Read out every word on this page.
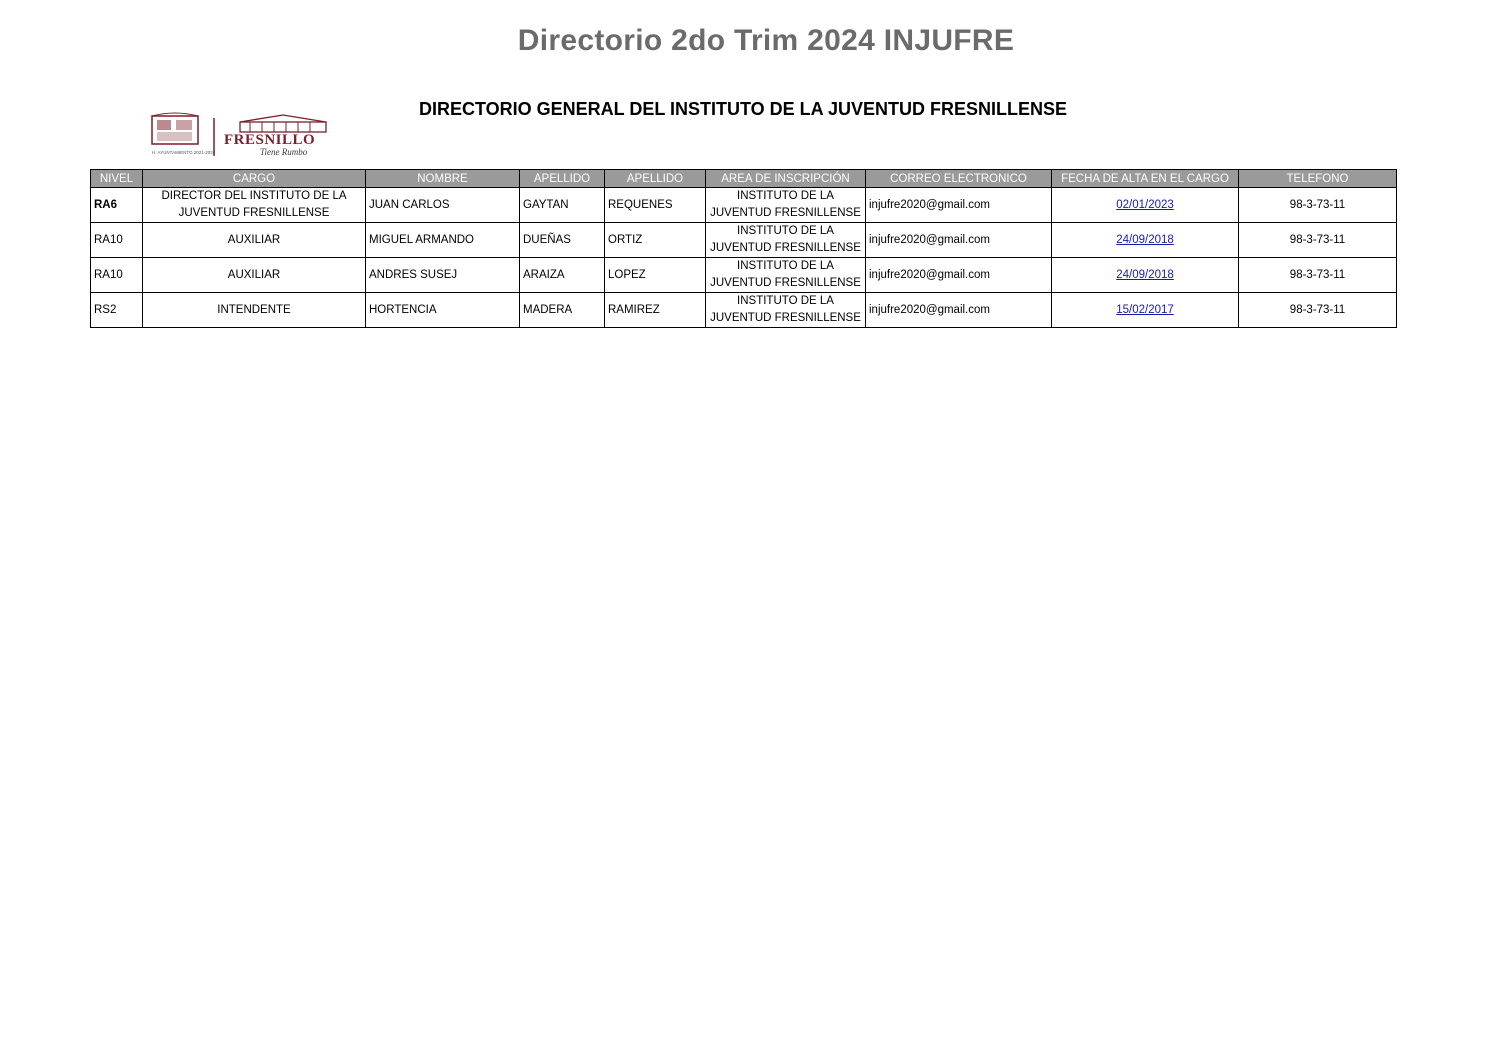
Directorio 2do Trim 2024 INJUFRE
H. AYUNTAMIENTO 2021-2024
FRESNILLO
Tiene Rumbo
DIRECTORIO GENERAL DEL INSTITUTO DE LA JUVENTUD FRESNILLENSE
NIVEL	CARGO	NOMBRE	APELLIDO	APELLIDO	AREA DE INSCRIPCIÓN	CORREO ELECTRONICO	FECHA DE ALTA EN EL CARGO	TELEFONO
RA6	DIRECTOR DEL INSTITUTO DE LA JUVENTUD FRESNILLENSE	JUAN CARLOS	GAYTAN	REQUENES	INSTITUTO DE LA JUVENTUD FRESNILLENSE	injufre2020@gmail.com	02/01/2023	98-3-73-11
RA10	AUXILIAR	MIGUEL ARMANDO	DUEÑAS	ORTIZ	INSTITUTO DE LA JUVENTUD FRESNILLENSE	injufre2020@gmail.com	24/09/2018	98-3-73-11
RA10	AUXILIAR	ANDRES SUSEJ	ARAIZA	LOPEZ	INSTITUTO DE LA JUVENTUD FRESNILLENSE	injufre2020@gmail.com	24/09/2018	98-3-73-11
RS2	INTENDENTE	HORTENCIA	MADERA	RAMIREZ	INSTITUTO DE LA JUVENTUD FRESNILLENSE	injufre2020@gmail.com	15/02/2017	98-3-73-11
